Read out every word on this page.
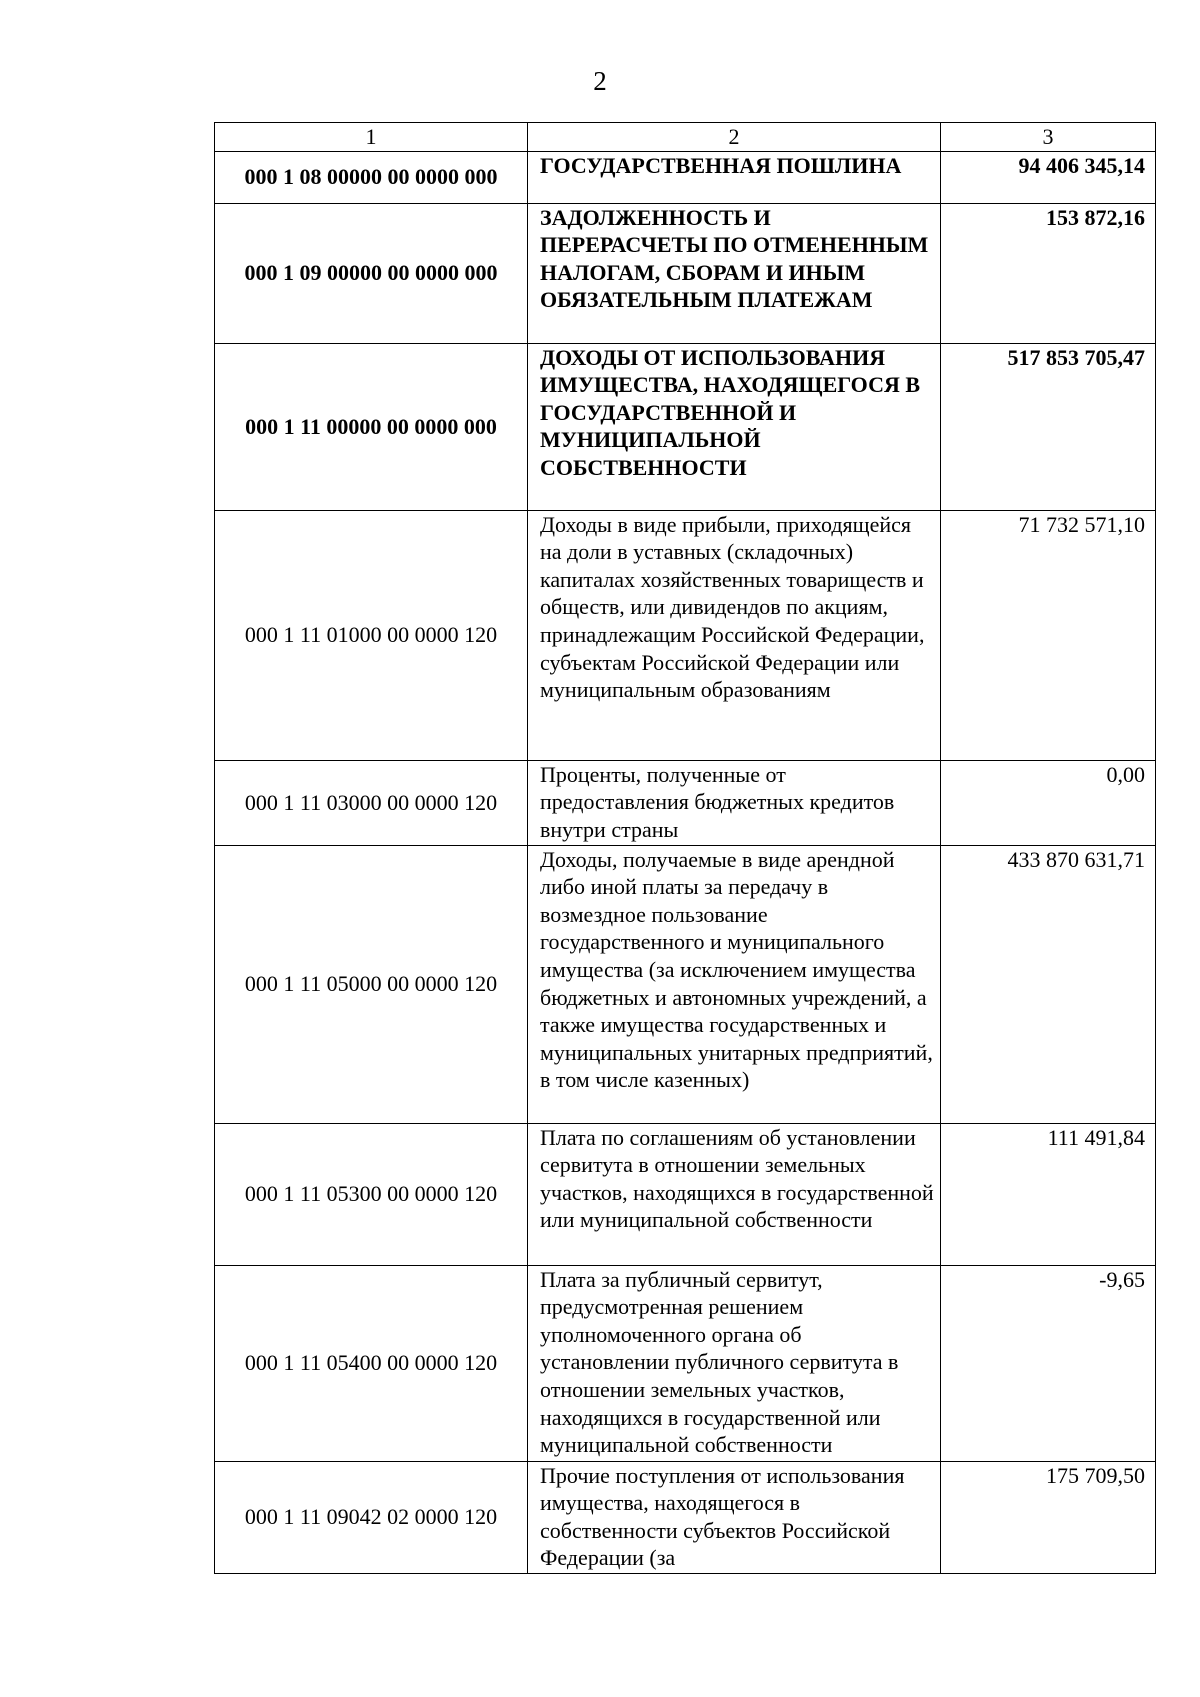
2
1	2	3
000 1 08 00000 00 0000 000	ГОСУДАРСТВЕННАЯ ПОШЛИНА	94 406 345,14
000 1 09 00000 00 0000 000	ЗАДОЛЖЕННОСТЬ И ПЕРЕРАСЧЕТЫ ПО ОТМЕНЕННЫМ НАЛОГАМ, СБОРАМ И ИНЫМ ОБЯЗАТЕЛЬНЫМ ПЛАТЕЖАМ	153 872,16
000 1 11 00000 00 0000 000	ДОХОДЫ ОТ ИСПОЛЬЗОВАНИЯ ИМУЩЕСТВА, НАХОДЯЩЕГОСЯ В ГОСУДАРСТВЕННОЙ И МУНИЦИПАЛЬНОЙ СОБСТВЕННОСТИ	517 853 705,47
000 1 11 01000 00 0000 120	Доходы в виде прибыли, приходящейся на доли в уставных (складочных) капиталах хозяйственных товариществ и обществ, или дивидендов по акциям, принадлежащим Российской Федерации, субъектам Российской Федерации или муниципальным образованиям	71 732 571,10
000 1 11 03000 00 0000 120	Проценты, полученные от предоставления бюджетных кредитов внутри страны	0,00
000 1 11 05000 00 0000 120	Доходы, получаемые в виде арендной либо иной платы за передачу в возмездное пользование государственного и муниципального имущества (за исключением имущества бюджетных и автономных учреждений, а также имущества государственных и муниципальных унитарных предприятий, в том числе казенных)	433 870 631,71
000 1 11 05300 00 0000 120	Плата по соглашениям об установлении сервитута в отношении земельных участков, находящихся в государственной или муниципальной собственности	111 491,84
000 1 11 05400 00 0000 120	Плата за публичный сервитут, предусмотренная решением уполномоченного органа об установлении публичного сервитута в отношении земельных участков, находящихся в государственной или муниципальной собственности	-9,65
000 1 11 09042 02 0000 120	Прочие поступления от использования имущества, находящегося в собственности субъектов Российской Федерации (за	175 709,50
